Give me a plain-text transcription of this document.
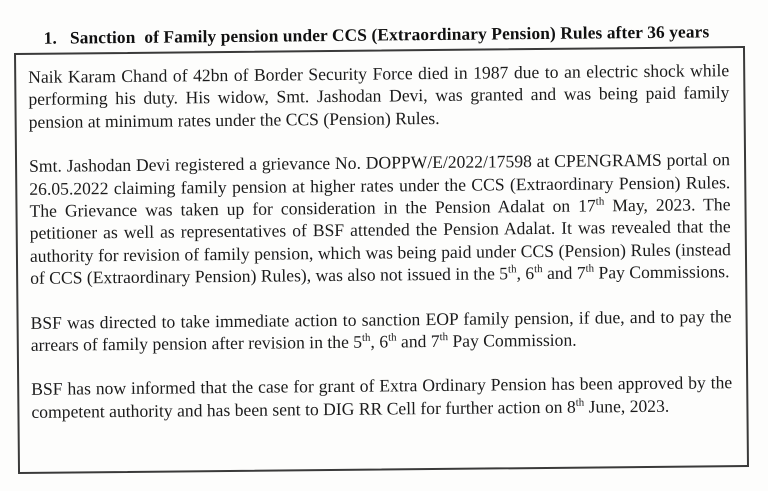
1. Sanction  of Family pension under CCS (Extraordinary Pension) Rules after 36 years

Naik Karam Chand of 42bn of Border Security Force died in 1987 due to an electric shock while performing his duty. His widow, Smt. Jashodan Devi, was granted and was being paid family pension at minimum rates under the CCS (Pension) Rules.

Smt. Jashodan Devi registered a grievance No. DOPPW/E/2022/17598 at CPENGRAMS portal on 26.05.2022 claiming family pension at higher rates under the CCS (Extraordinary Pension) Rules. The Grievance was taken up for consideration in the Pension Adalat on 17th May, 2023. The petitioner as well as representatives of BSF attended the Pension Adalat. It was revealed that the authority for revision of family pension, which was being paid under CCS (Pension) Rules (instead of CCS (Extraordinary Pension) Rules), was also not issued in the 5th, 6th and 7th Pay Commissions.

BSF was directed to take immediate action to sanction EOP family pension, if due, and to pay the arrears of family pension after revision in the 5th, 6th and 7th Pay Commission.

BSF has now informed that the case for grant of Extra Ordinary Pension has been approved by the competent authority and has been sent to DIG RR Cell for further action on 8th June, 2023.
